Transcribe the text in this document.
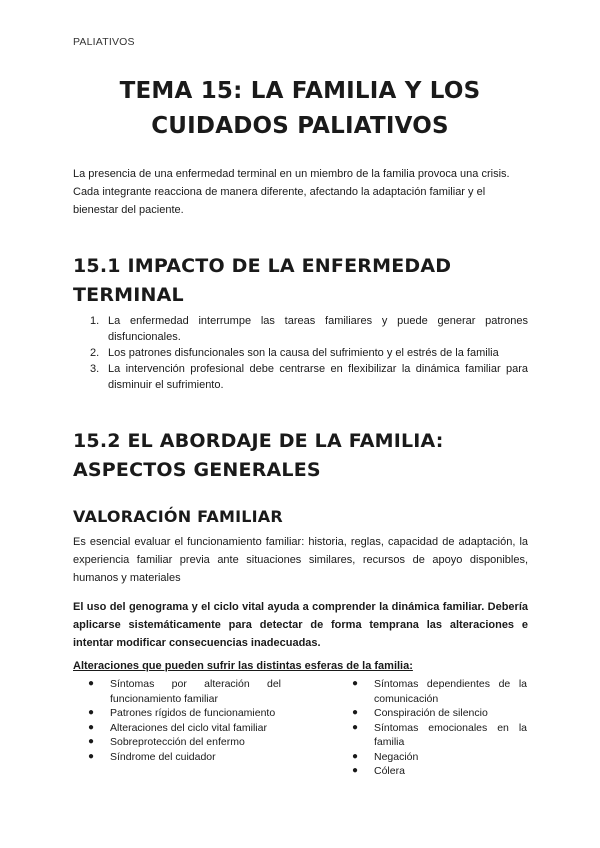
PALIATIVOS
TEMA 15: LA FAMILIA Y LOS CUIDADOS PALIATIVOS

La presencia de una enfermedad terminal en un miembro de la familia provoca una crisis. Cada integrante reacciona de manera diferente, afectando la adaptación familiar y el bienestar del paciente.

15.1 IMPACTO DE LA ENFERMEDAD TERMINAL
1. La enfermedad interrumpe las tareas familiares y puede generar patrones disfuncionales.
2. Los patrones disfuncionales son la causa del sufrimiento y el estrés de la familia
3. La intervención profesional debe centrarse en flexibilizar la dinámica familiar para disminuir el sufrimiento.
15.2 EL ABORDAJE DE LA FAMILIA: ASPECTOS GENERALES
VALORACIÓN FAMILIAR

Es esencial evaluar el funcionamiento familiar: historia, reglas, capacidad de adaptación, la experiencia familiar previa ante situaciones similares, recursos de apoyo disponibles, humanos y materiales

El uso del genograma y el ciclo vital ayuda a comprender la dinámica familiar. Debería aplicarse sistemáticamente para detectar de forma temprana las alteraciones e intentar modificar consecuencias inadecuadas.

Alteraciones que pueden sufrir las distintas esferas de la familia:

● Síntomas por alteración del funcionamiento familiar
● Patrones rígidos de funcionamiento
● Alteraciones del ciclo vital familiar
● Sobreprotección del enfermo
● Síndrome del cuidador
● Síntomas dependientes de la comunicación
● Conspiración de silencio
● Síntomas emocionales en la familia
● Negación
● Cólera
